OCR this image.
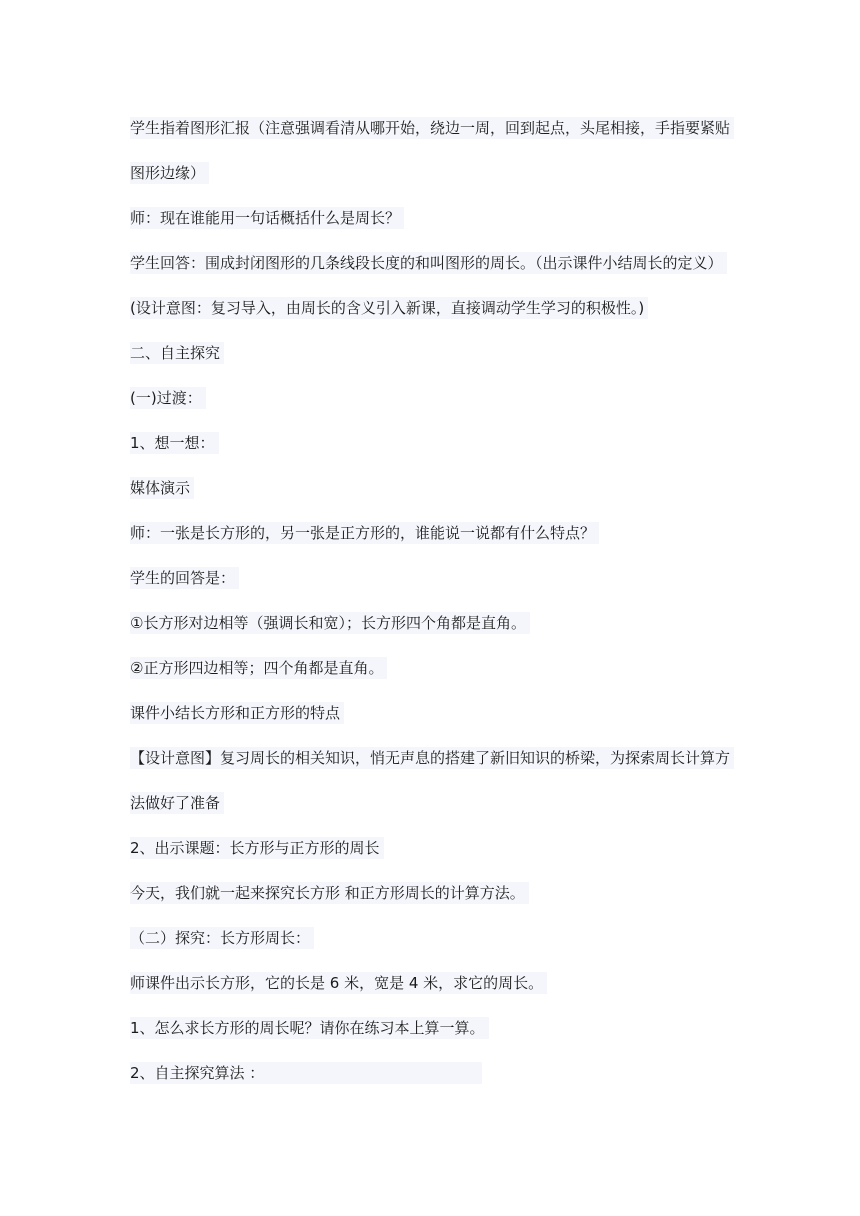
学生指着图形汇报（注意强调看清从哪开始，绕边一周，回到起点，头尾相接，手指要紧贴
图形边缘）
师：现在谁能用一句话概括什么是周长？
学生回答：围成封闭图形的几条线段长度的和叫图形的周长。（出示课件小结周长的定义）
(设计意图：复习导入，由周长的含义引入新课，直接调动学生学习的积极性。)
二、自主探究
(一)过渡：
1、想一想：
媒体演示
师：一张是长方形的，另一张是正方形的，谁能说一说都有什么特点？
学生的回答是：
①长方形对边相等（强调长和宽）；长方形四个角都是直角。
②正方形四边相等；四个角都是直角。
课件小结长方形和正方形的特点
【设计意图】复习周长的相关知识，悄无声息的搭建了新旧知识的桥梁，为探索周长计算方
法做好了准备
2、出示课题：长方形与正方形的周长
今天，我们就一起来探究长方形 和正方形周长的计算方法。
（二）探究：长方形周长：
师课件出示长方形，它的长是 6 米，宽是 4 米，求它的周长。
1、怎么求长方形的周长呢？请你在练习本上算一算。
2、自主探究算法 ：
